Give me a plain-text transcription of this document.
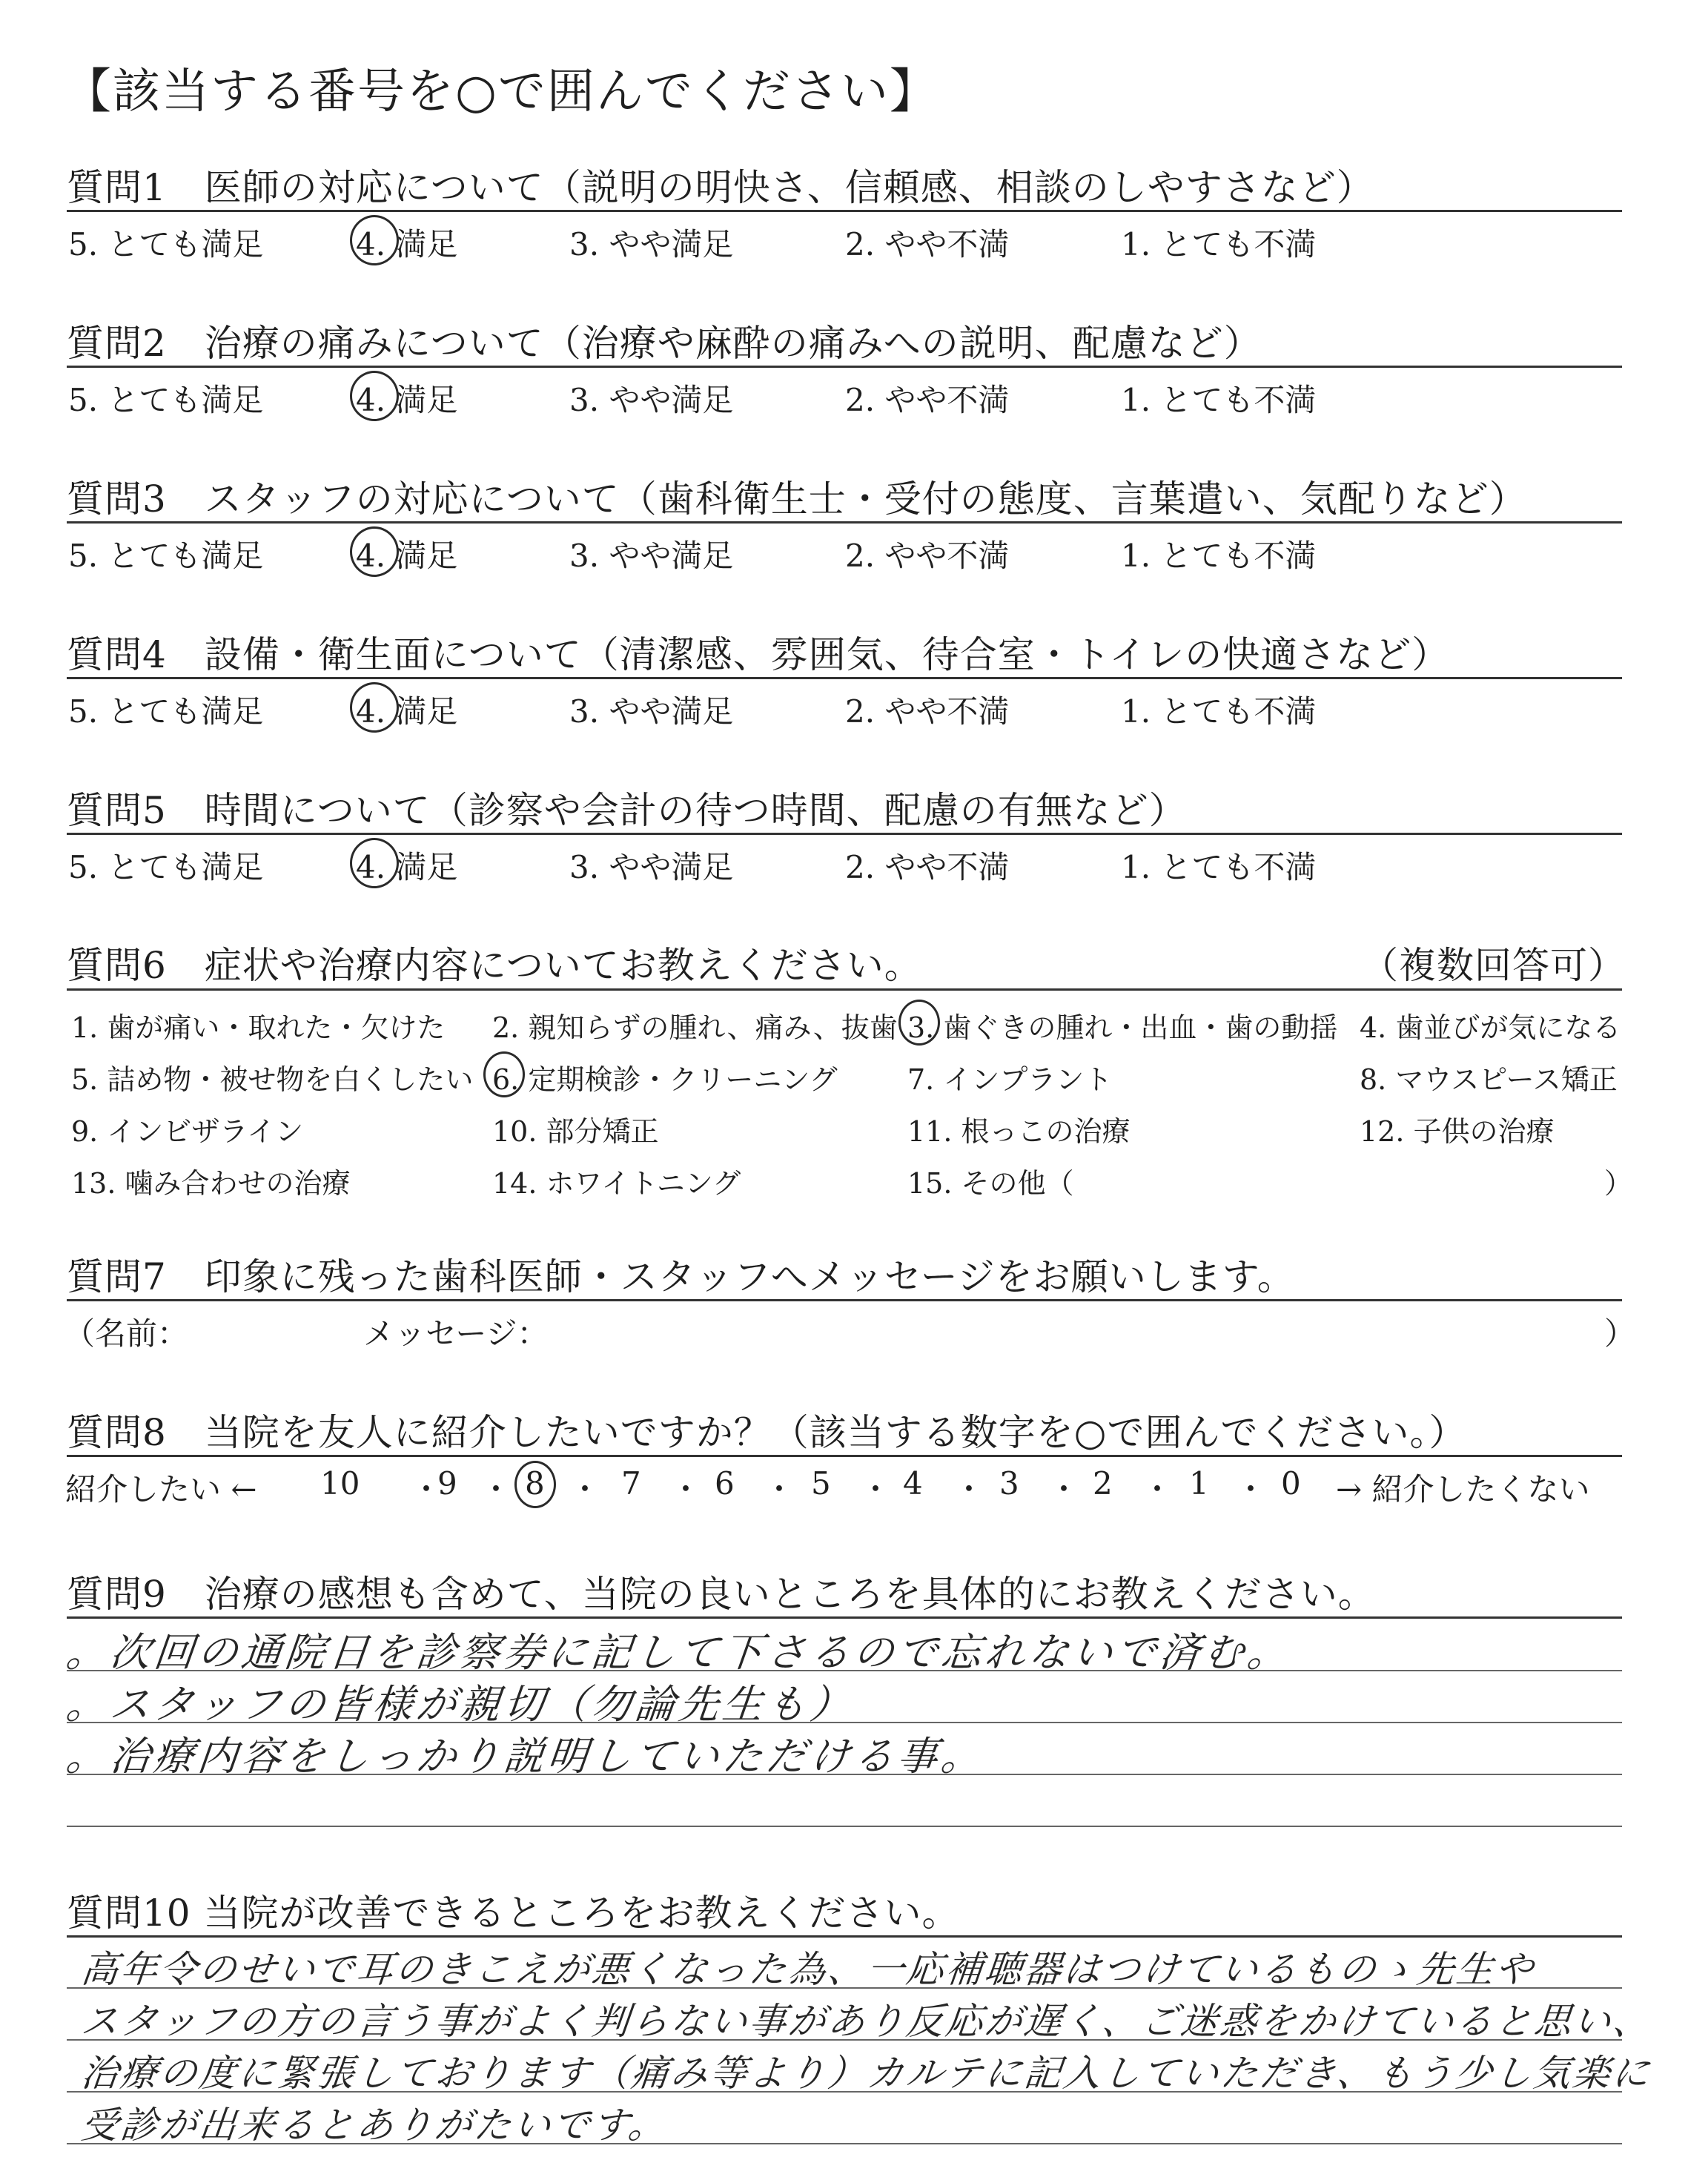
【該当する番号を○で囲んでください】
質問1　医師の対応について（説明の明快さ、信頼感、相談のしやすさなど）
5. とても満足	4. 満足	3. やや満足	2. やや不満	1. とても不満
質問2　治療の痛みについて（治療や麻酔の痛みへの説明、配慮など）
5. とても満足	4. 満足	3. やや満足	2. やや不満	1. とても不満
質問3　スタッフの対応について（歯科衛生士・受付の態度、言葉遣い、気配りなど）
5. とても満足	4. 満足	3. やや満足	2. やや不満	1. とても不満
質問4　設備・衛生面について（清潔感、雰囲気、待合室・トイレの快適さなど）
5. とても満足	4. 満足	3. やや満足	2. やや不満	1. とても不満
質問5　時間について（診察や会計の待つ時間、配慮の有無など）
5. とても満足	4. 満足	3. やや満足	2. やや不満	1. とても不満
質問6　症状や治療内容についてお教えください。	（複数回答可）
1. 歯が痛い・取れた・欠けた 2. 親知らずの腫れ、痛み、抜歯 3. 歯ぐきの腫れ・出血・歯の動揺 4. 歯並びが気になる
5. 詰め物・被せ物を白くしたい 6. 定期検診・クリーニング 7. インプラント	8. マウスピース矯正
9. インビザライン	10. 部分矯正	11. 根っこの治療	12. 子供の治療
13. 噛み合わせの治療	14. ホワイトニング	15. その他（	）
質問7　印象に残った歯科医師・スタッフへメッセージをお願いします。
（名前：	メッセージ：	）
質問8　当院を友人に紹介したいですか？（該当する数字を○で囲んでください。）
紹介したい ← 10 ・
9 ・ 8 ・ 7 ・ 6 ・ 5 ・ 4 ・ 3 ・ 2 ・ 1 ・ 0 → 紹介したくない
質問9　治療の感想も含めて、当院の良いところを具体的にお教えください。
。次回の通院日を診察券に記して下さるので忘れないで済む。
。スタッフの皆様が親切（勿論先生も）
。治療内容をしっかり説明していただける事。
質問10 当院が改善できるところをお教えください。
高年令のせいで耳のきこえが悪くなった為、一応補聴器はつけているものゝ先生や
スタッフの方の言う事がよく判らない事があり反応が遅く、ご迷惑をかけていると思い、
治療の度に緊張しております（痛み等より）カルテに記入していただき、もう少し気楽に
受診が出来るとありがたいです。
